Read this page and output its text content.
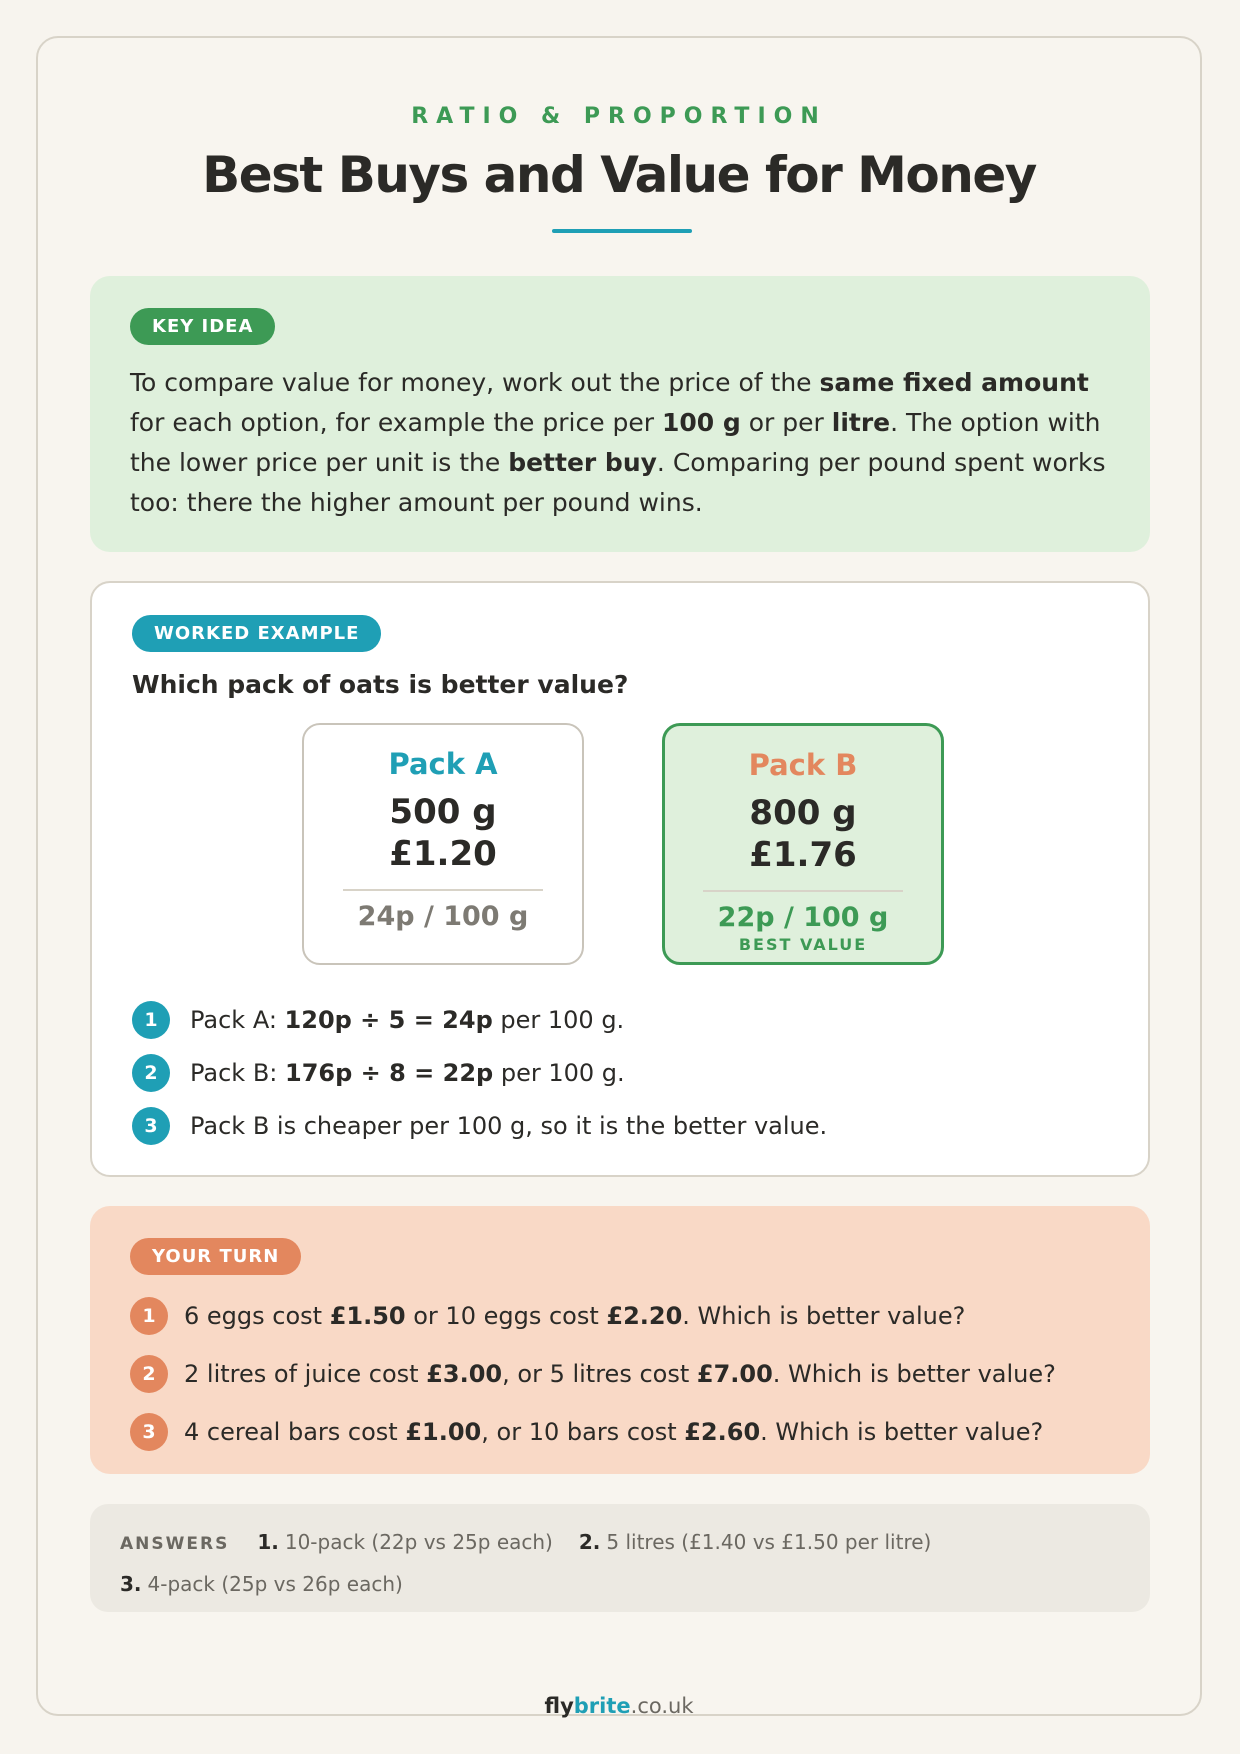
RATIO & PROPORTION
Best Buys and Value for Money
KEY IDEA
To compare value for money, work out the price of the same fixed amount for each option, for example the price per 100 g or per litre. The option with the lower price per unit is the better buy. Comparing per pound spent works too: there the higher amount per pound wins.
WORKED EXAMPLE
Which pack of oats is better value?
Pack A
500 g
£1.20
24p / 100 g
Pack B
800 g
£1.76
22p / 100 g
BEST VALUE
1	Pack A: 120p ÷ 5 = 24p per 100 g.
2	Pack B: 176p ÷ 8 = 22p per 100 g.
3	Pack B is cheaper per 100 g, so it is the better value.
YOUR TURN
1	6 eggs cost £1.50 or 10 eggs cost £2.20. Which is better value?
2	2 litres of juice cost £3.00, or 5 litres cost £7.00. Which is better value?
3	4 cereal bars cost £1.00, or 10 bars cost £2.60. Which is better value?
ANSWERS 1. 10-pack (22p vs 25p each) 2. 5 litres (£1.40 vs £1.50 per litre)
3. 4-pack (25p vs 26p each)
flybrite.co.uk
